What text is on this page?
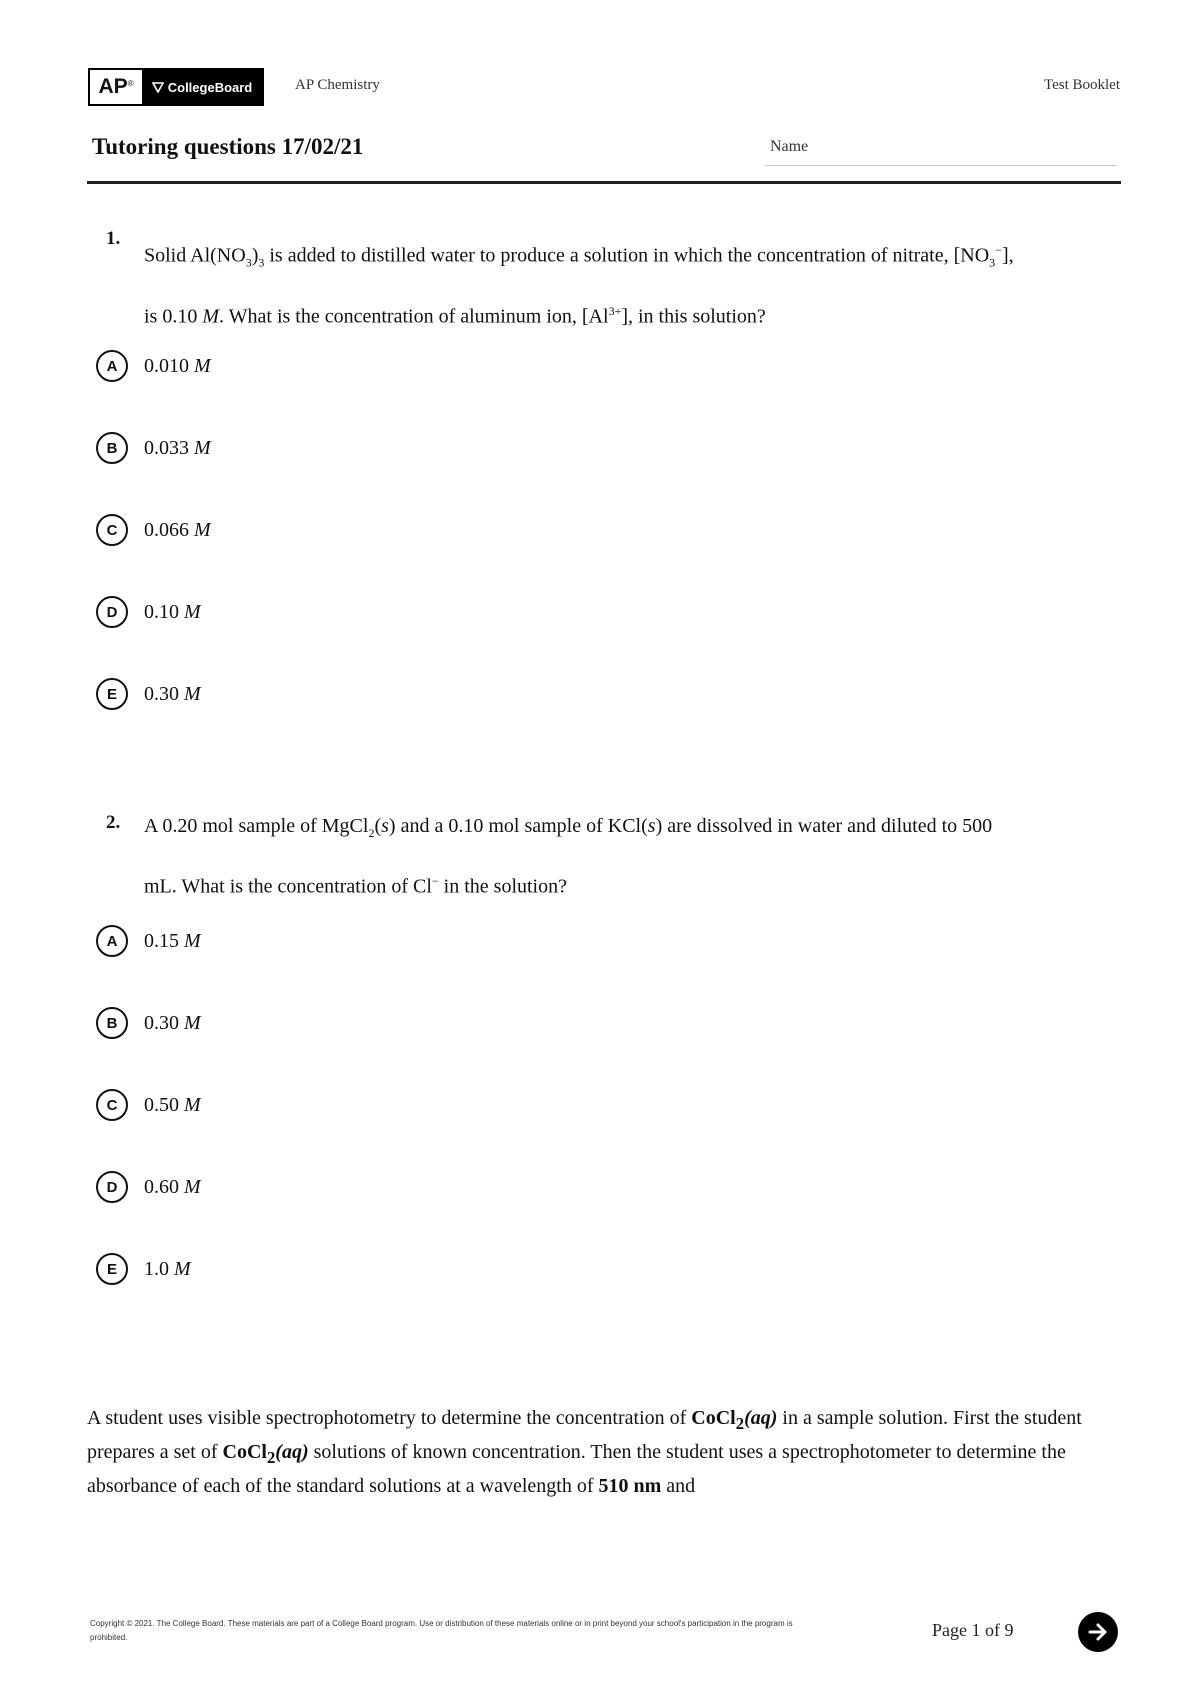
AP ®	CollegeBoard	AP Chemistry	Test Booklet
Tutoring questions 17/02/21	Name
1.
Solid $Al(NO_3)_3$ is added to distilled water to produce a solution in which the concentration of nitrate, $[NO_3^-]$,
is 0.10 M. What is the concentration of aluminum ion, $[Al^{3+}]$, in this solution?
A	0.010 M
B	0.033 M
C	0.066 M
D	0.10 M
E	0.30 M
2. A 0.20 mol sample of MgCl$_2$(s) and a 0.10 mol sample of KCl(s) are dissolved in water and diluted to 500
mL. What is the concentration of Cl− in the solution?
A	0.15 M
B	0.30 M
C	0.50 M
D	0.60 M
E	1.0 M
A student uses visible spectrophotometry to determine the concentration of CoCl$_2$(aq) in a sample solution. First the student prepares a set of CoCl$_2$(aq) solutions of known concentration. Then the student uses a spectrophotometer to determine the absorbance of each of the standard solutions at a wavelength of 510 nm and
Copyright © 2021. The College Board. These materials are part of a College Board program. Use or distribution of these materials online or in print beyond your school's participation in the program is prohibited.	Page 1 of 9
